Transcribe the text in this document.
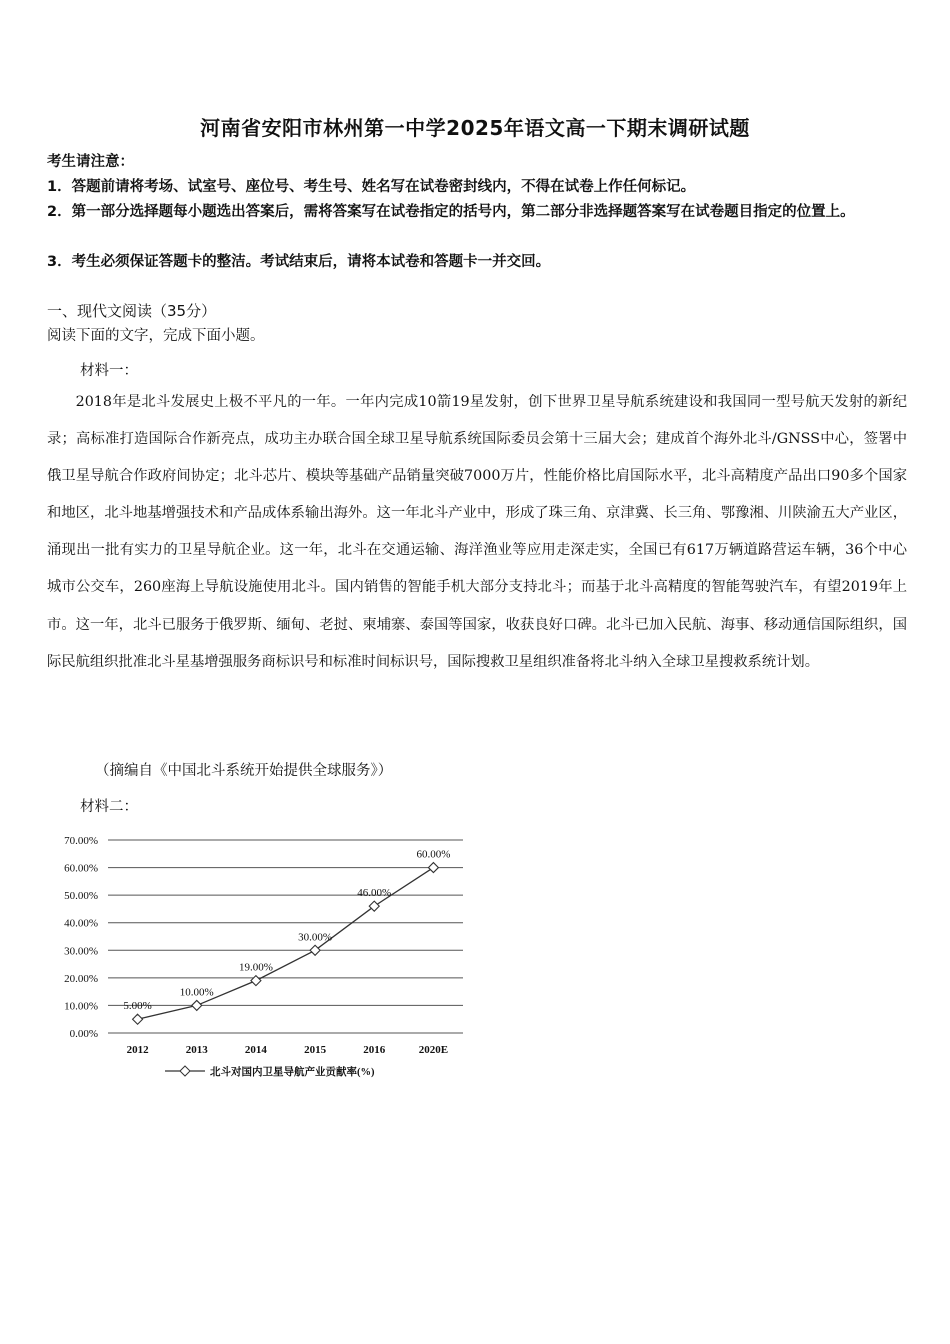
河南省安阳市林州第一中学2025年语文高一下期末调研试题
考生请注意：
1．答题前请将考场、试室号、座位号、考生号、姓名写在试卷密封线内，不得在试卷上作任何标记。
2．第一部分选择题每小题选出答案后，需将答案写在试卷指定的括号内，第二部分非选择题答案写在试卷题目指定的位置上。
3．考生必须保证答题卡的整洁。考试结束后，请将本试卷和答题卡一并交回。
一、现代文阅读（35分）
阅读下面的文字，完成下面小题。
材料一：
2018年是北斗发展史上极不平凡的一年。一年内完成10箭19星发射，创下世界卫星导航系统建设和我国同一型号航天发射的新纪录；高标准打造国际合作新亮点，成功主办联合国全球卫星导航系统国际委员会第十三届大会；建成首个海外北斗/GNSS中心，签署中俄卫星导航合作政府间协定；北斗芯片、模块等基础产品销量突破7000万片，性能价格比肩国际水平，北斗高精度产品出口90多个国家和地区，北斗地基增强技术和产品成体系输出海外。这一年北斗产业中，形成了珠三角、京津冀、长三角、鄂豫湘、川陕渝五大产业区，涌现出一批有实力的卫星导航企业。这一年，北斗在交通运输、海洋渔业等应用走深走实，全国已有617万辆道路营运车辆，36个中心城市公交车，260座海上导航设施使用北斗。国内销售的智能手机大部分支持北斗；而基于北斗高精度的智能驾驶汽车，有望2019年上市。这一年，北斗已服务于俄罗斯、缅甸、老挝、柬埔寨、泰国等国家，收获良好口碑。北斗已加入民航、海事、移动通信国际组织，国际民航组织批准北斗星基增强服务商标识号和标准时间标识号，国际搜救卫星组织准备将北斗纳入全球卫星搜救系统计划。
（摘编自《中国北斗系统开始提供全球服务》）
材料二：
0.00%
10.00%
20.00%
30.00%
40.00%
50.00%
60.00%
70.00%
2012	2013	2014	2015	2016	2020E
5.00%
10.00%
19.00%
30.00%
46.00%
60.00%
北斗对国内卫星导航产业贡献率(%)
